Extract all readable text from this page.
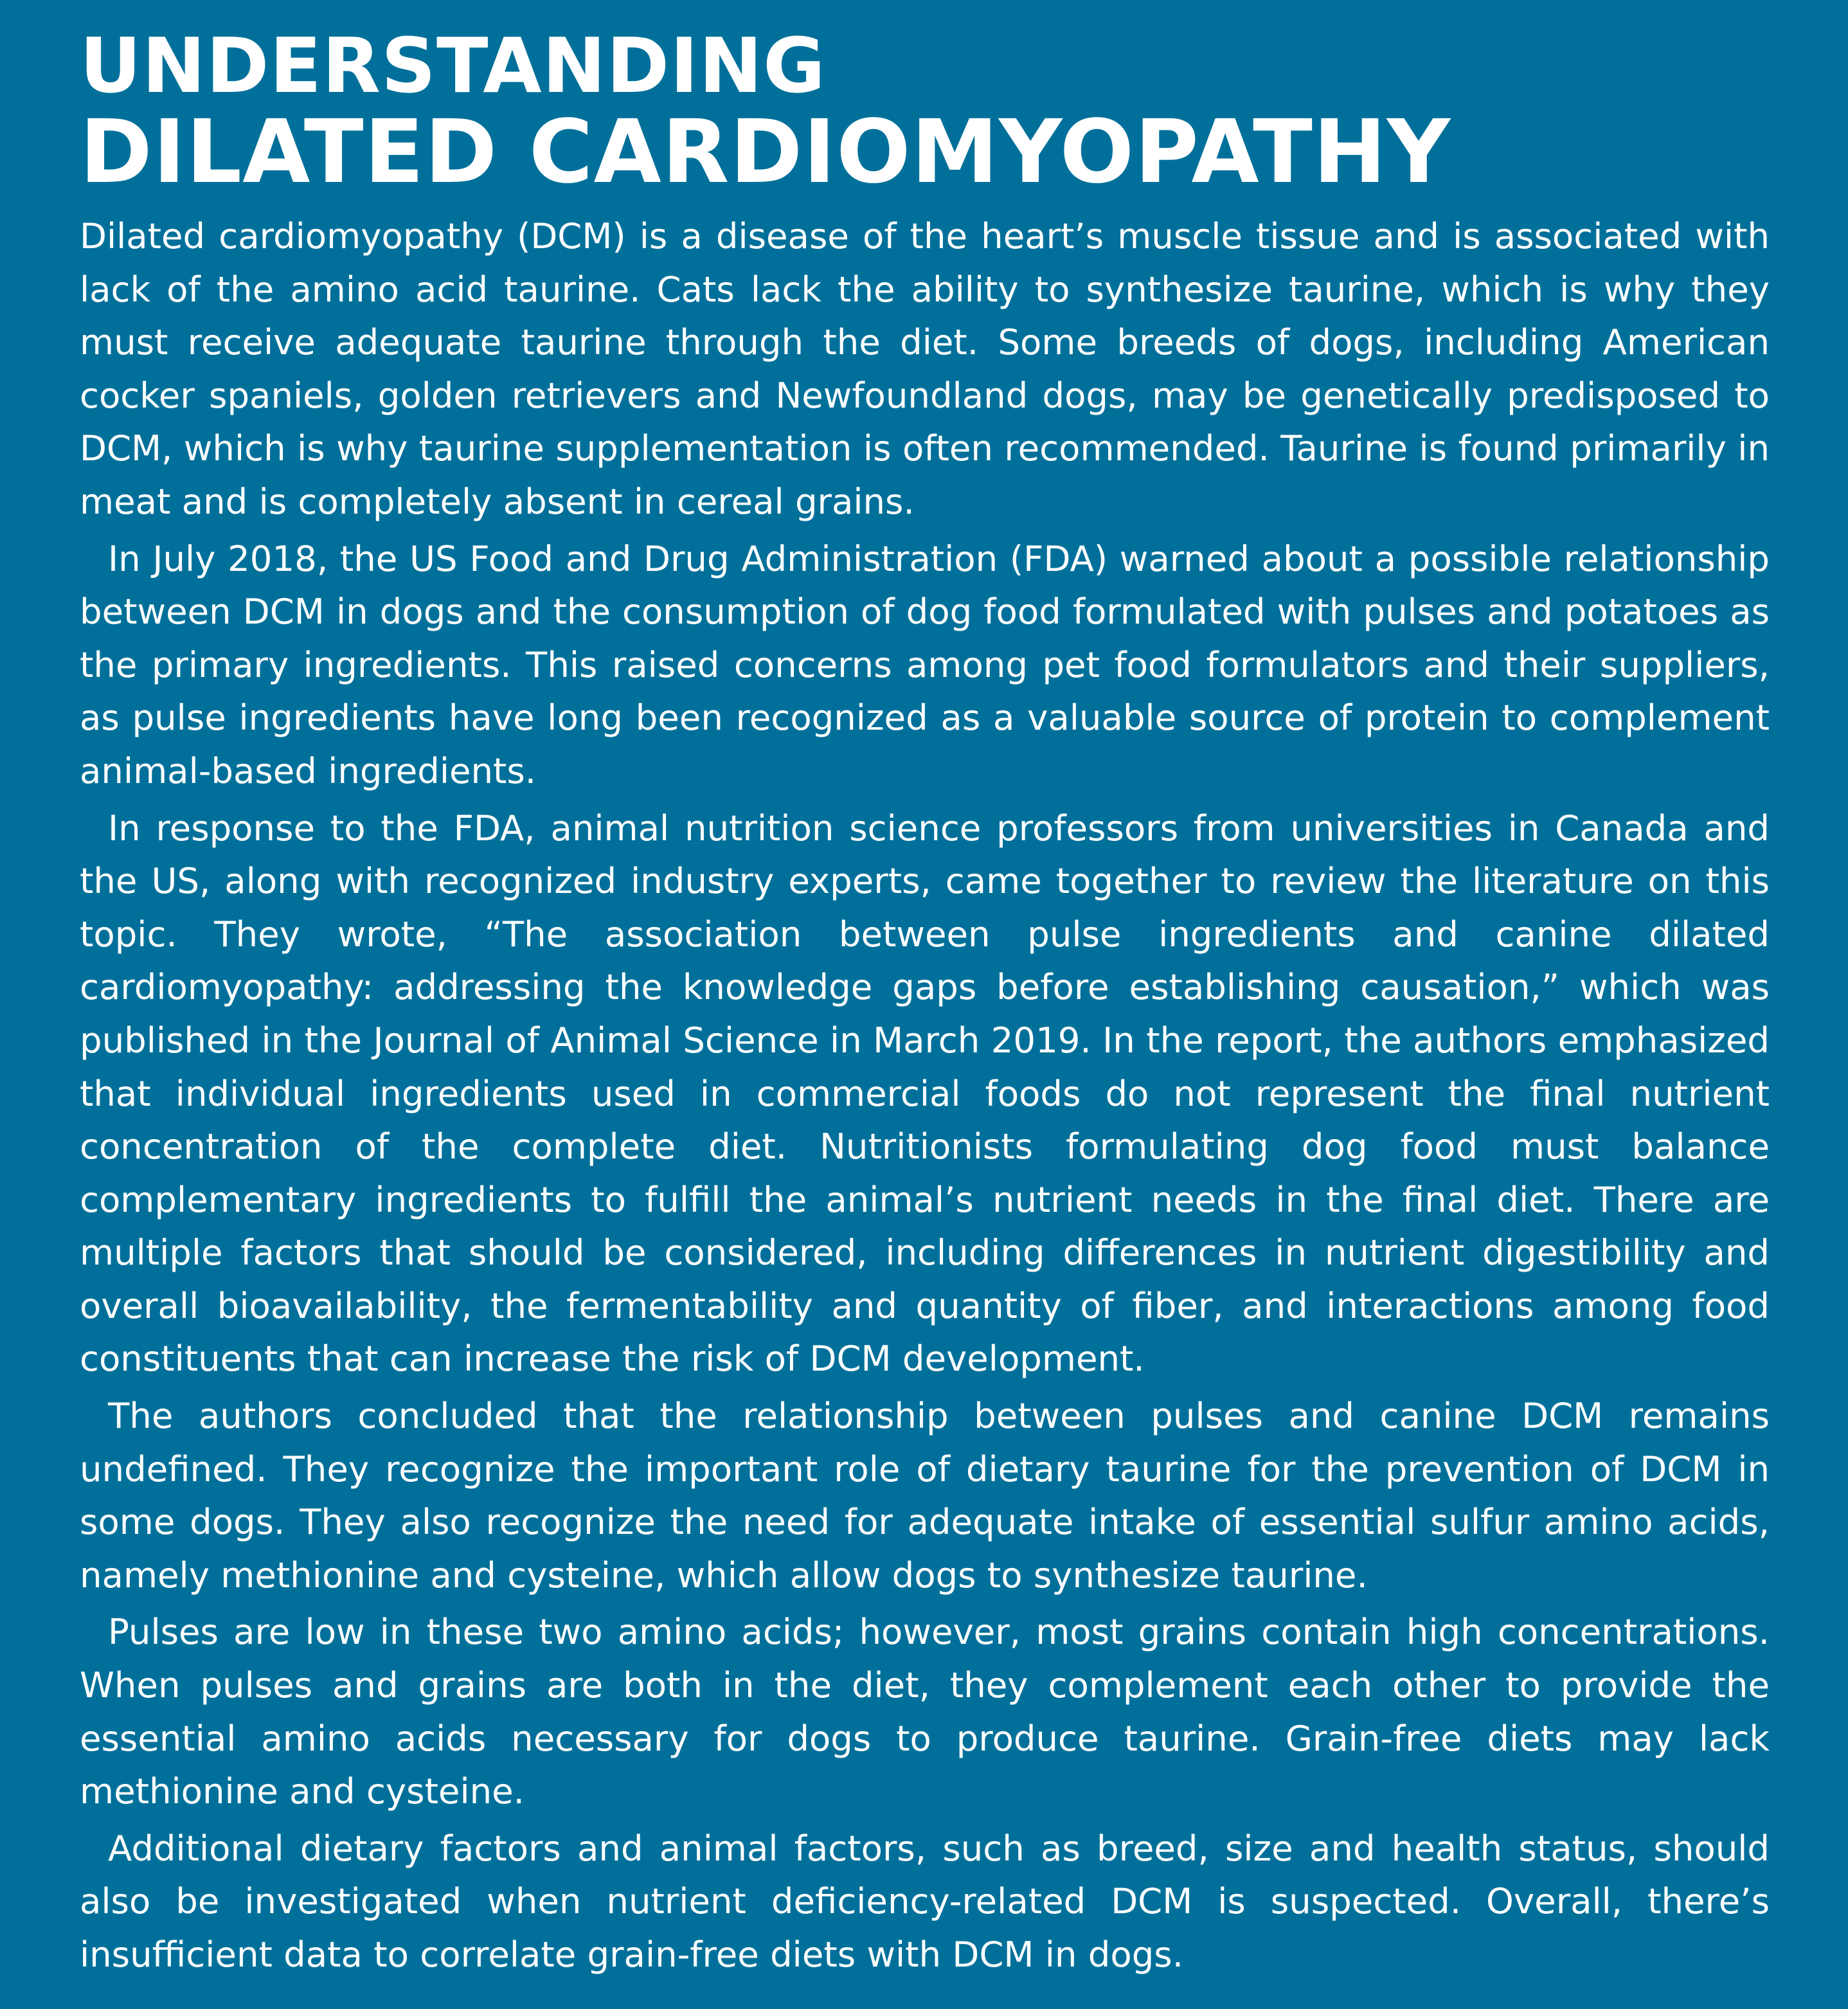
UNDERSTANDING
DILATED CARDIOMYOPATHY

Dilated cardiomyopathy (DCM) is a disease of the heart’s muscle tissue and is associated with lack of the amino acid taurine. Cats lack the ability to synthesize taurine, which is why they must receive adequate taurine through the diet. Some breeds of dogs, including American cocker spaniels, golden retrievers and Newfoundland dogs, may be genetically predisposed to DCM, which is why taurine supplementation is often recommended. Taurine is found primarily in meat and is completely absent in cereal grains.

In July 2018, the US Food and Drug Administration (FDA) warned about a possible relationship between DCM in dogs and the consumption of dog food formulated with pulses and potatoes as the primary ingredients. This raised concerns among pet food formulators and their suppliers, as pulse ingredients have long been recognized as a valuable source of protein to complement animal-based ingredients.

In response to the FDA, animal nutrition science professors from universities in Canada and the US, along with recognized industry experts, came together to review the literature on this topic. They wrote, “The association between pulse ingredients and canine dilated cardiomyopathy: addressing the knowledge gaps before establishing causation,” which was published in the Journal of Animal Science in March 2019. In the report, the authors emphasized that individual ingredients used in commercial foods do not represent the final nutrient concentration of the complete diet. Nutritionists formulating dog food must balance complementary ingredients to fulfill the animal’s nutrient needs in the final diet. There are multiple factors that should be considered, including differences in nutrient digestibility and overall bioavailability, the fermentability and quantity of fiber, and interactions among food constituents that can increase the risk of DCM development.

The authors concluded that the relationship between pulses and canine DCM remains undefined. They recognize the important role of dietary taurine for the prevention of DCM in some dogs. They also recognize the need for adequate intake of essential sulfur amino acids, namely methionine and cysteine, which allow dogs to synthesize taurine.

Pulses are low in these two amino acids; however, most grains contain high concentrations. When pulses and grains are both in the diet, they complement each other to provide the essential amino acids necessary for dogs to produce taurine. Grain-free diets may lack methionine and cysteine.

Additional dietary factors and animal factors, such as breed, size and health status, should also be investigated when nutrient deficiency-related DCM is suspected. Overall, there’s insufficient data to correlate grain-free diets with DCM in dogs.
